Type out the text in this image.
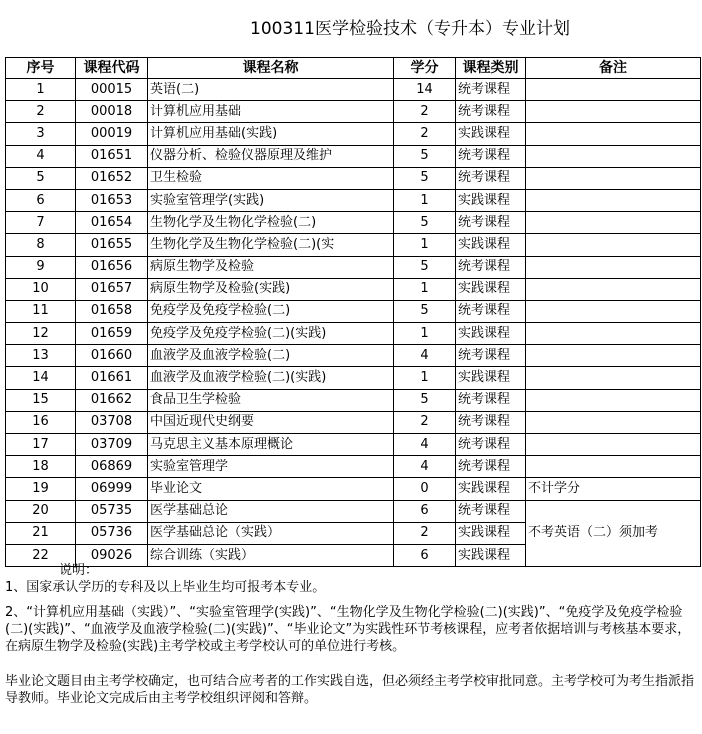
100311医学检验技术（专升本）专业计划
序号	课程代码	课程名称	学分	课程类别	备注
1	00015	英语(二)	14	统考课程	
2	00018	计算机应用基础	2	统考课程	
3	00019	计算机应用基础(实践)	2	实践课程	
4	01651	仪器分析、检验仪器原理及维护	5	统考课程	
5	01652	卫生检验	5	统考课程	
6	01653	实验室管理学(实践)	1	实践课程	
7	01654	生物化学及生物化学检验(二)	5	统考课程	
8	01655	生物化学及生物化学检验(二)(实	1	实践课程	
9	01656	病原生物学及检验	5	统考课程	
10	01657	病原生物学及检验(实践)	1	实践课程	
11	01658	免疫学及免疫学检验(二)	5	统考课程	
12	01659	免疫学及免疫学检验(二)(实践)	1	实践课程	
13	01660	血液学及血液学检验(二)	4	统考课程	
14	01661	血液学及血液学检验(二)(实践)	1	实践课程	
15	01662	食品卫生学检验	5	统考课程	
16	03708	中国近现代史纲要	2	统考课程	
17	03709	马克思主义基本原理概论	4	统考课程	
18	06869	实验室管理学	4	统考课程	
19	06999	毕业论文	0	实践课程	不计学分
20	05735	医学基础总论	6	统考课程	不考英语（二）须加考
21	05736	医学基础总论（实践）	2	实践课程	
22	09026	综合训练（实践）	6	实践课程	

说明：

1、国家承认学历的专科及以上毕业生均可报考本专业。

2、“计算机应用基础（实践）”、“实验室管理学(实践)”、“生物化学及生物化学检验(二)(实践)”、“免疫学及免疫学检验(二)(实践)”、“血液学及血液学检验(二)(实践)”、“毕业论文”为实践性环节考核课程，应考者依据培训与考核基本要求，在病原生物学及检验(实践)主考学校或主考学校认可的单位进行考核。

毕业论文题目由主考学校确定，也可结合应考者的工作实践自选，但必须经主考学校审批同意。主考学校可为考生指派指导教师。毕业论文完成后由主考学校组织评阅和答辩。
